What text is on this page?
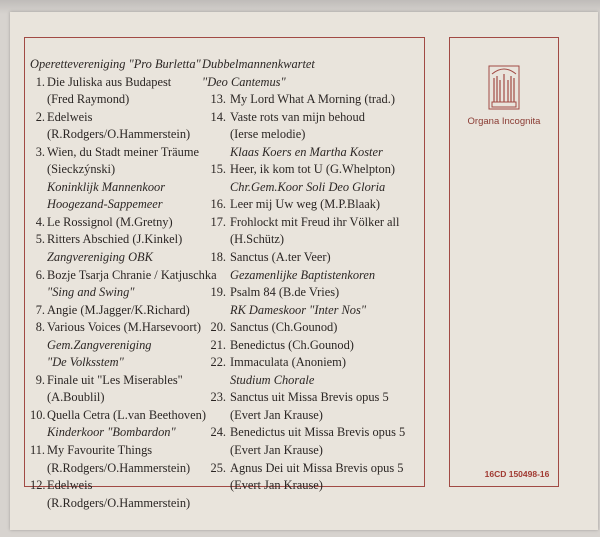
Operettevereniging "Pro Burletta"
1. Die Juliska aus Budapest
(Fred Raymond)
2. Edelweis
(R.Rodgers/O.Hammerstein)
3. Wien, du Stadt meiner Träume
(Sieckzýnski)
Koninklijk Mannenkoor
Hoogezand-Sappemeer
4. Le Rossignol (M.Gretny)
5. Ritters Abschied (J.Kinkel)
Zangvereniging OBK
6. Bozje Tsarja Chranie / Katjuschka
"Sing and Swing"
7. Angie (M.Jagger/K.Richard)
8. Various Voices (M.Harsevoort)
Gem.Zangvereniging
"De Volksstem"
9. Finale uit "Les Miserables"
(A.Boublil)
10. Quella Cetra (L.van Beethoven)
Kinderkoor "Bombardon"
11. My Favourite Things
(R.Rodgers/O.Hammerstein)
12. Edelweis
(R.Rodgers/O.Hammerstein)
Dubbelmannenkwartet
"Deo Cantemus"
13. My Lord What A Morning (trad.)
14. Vaste rots van mijn behoud
(Ierse melodie)
Klaas Koers en Martha Koster
15. Heer, ik kom tot U (G.Whelpton)
Chr.Gem.Koor Soli Deo Gloria
16. Leer mij Uw weg (M.P.Blaak)
17. Frohlockt mit Freud ihr Völker all
(H.Schütz)
18. Sanctus (A.ter Veer)
Gezamenlijke Baptistenkoren
19. Psalm 84 (B.de Vries)
RK Dameskoor "Inter Nos"
20. Sanctus (Ch.Gounod)
21. Benedictus (Ch.Gounod)
22. Immaculata (Anoniem)
Studium Chorale
23. Sanctus uit Missa Brevis opus 5
(Evert Jan Krause)
24. Benedictus uit Missa Brevis opus 5
(Evert Jan Krause)
25. Agnus Dei uit Missa Brevis opus 5
(Evert Jan Krause)
Organa Incognita
16CD 150498-16
